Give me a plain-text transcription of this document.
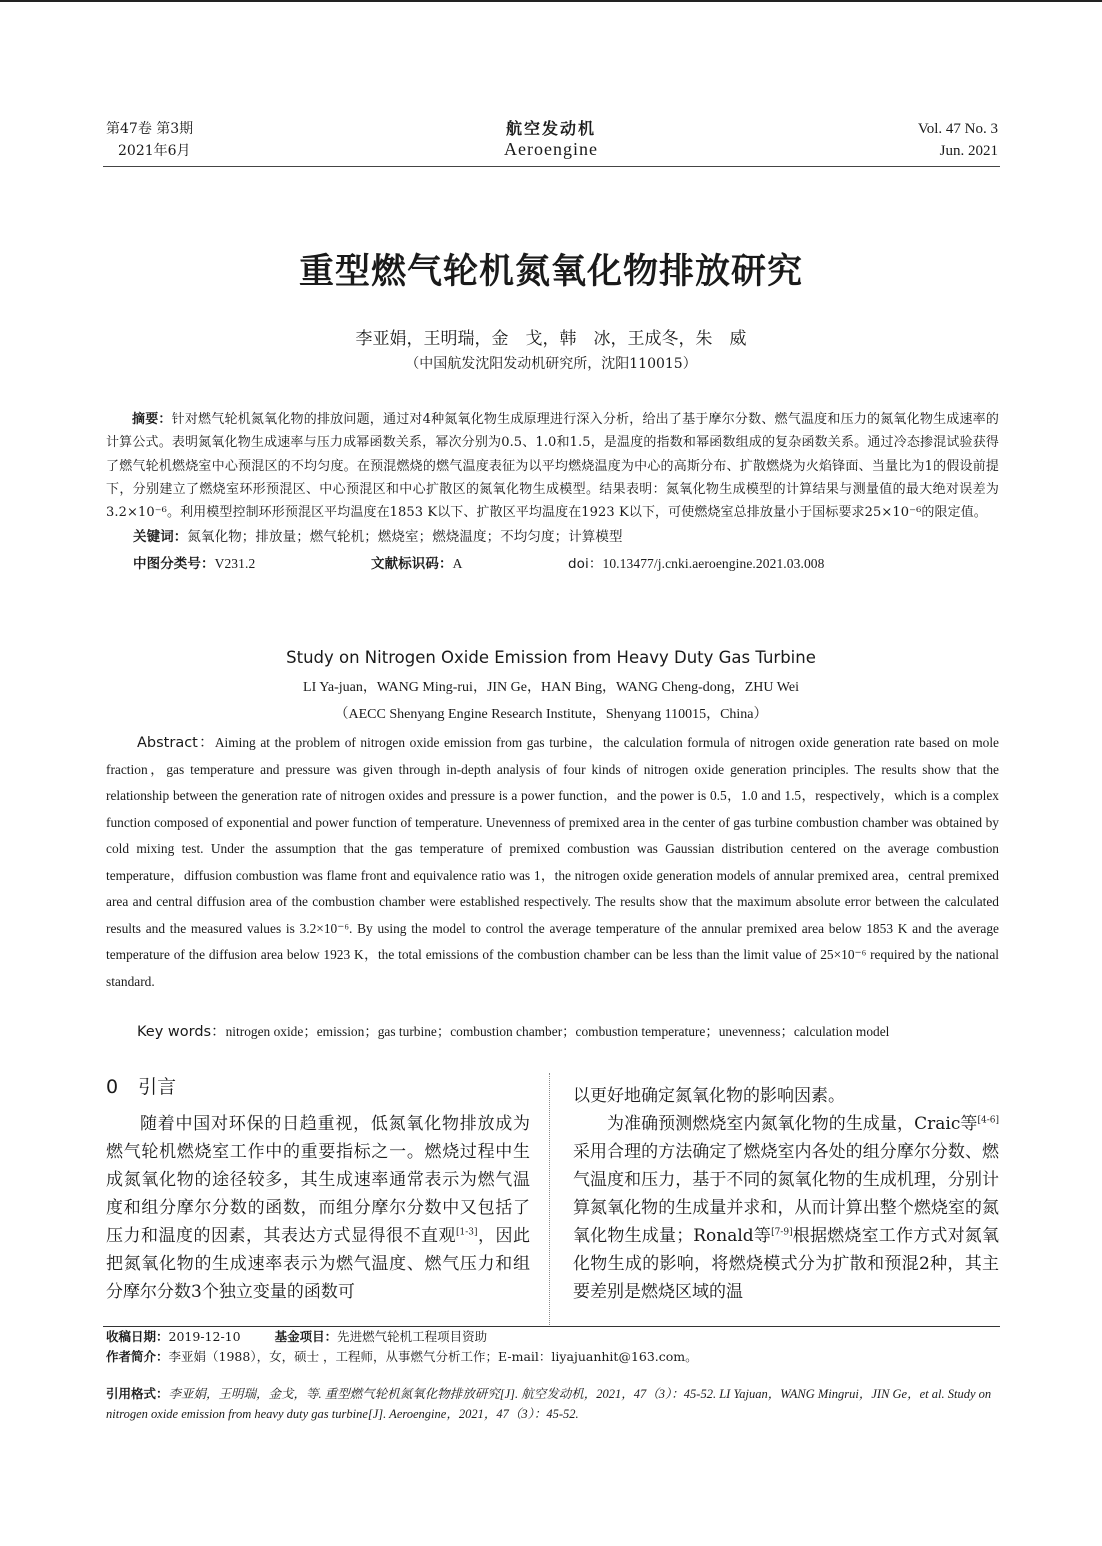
第47卷 第3期
2021年6月
航空发动机
Aeroengine
Vol. 47 No. 3
Jun. 2021
重型燃气轮机氮氧化物排放研究
李亚娟，王明瑞，金　戈，韩　冰，王成冬，朱　威
（中国航发沈阳发动机研究所，沈阳110015）
摘要：针对燃气轮机氮氧化物的排放问题，通过对4种氮氧化物生成原理进行深入分析，给出了基于摩尔分数、燃气温度和压力的氮氧化物生成速率的计算公式。表明氮氧化物生成速率与压力成幂函数关系，幂次分别为0.5、1.0和1.5，是温度的指数和幂函数组成的复杂函数关系。通过冷态掺混试验获得了燃气轮机燃烧室中心预混区的不均匀度。在预混燃烧的燃气温度表征为以平均燃烧温度为中心的高斯分布、扩散燃烧为火焰锋面、当量比为1的假设前提下，分别建立了燃烧室环形预混区、中心预混区和中心扩散区的氮氧化物生成模型。结果表明：氮氧化物生成模型的计算结果与测量值的最大绝对误差为3.2×10⁻⁶。利用模型控制环形预混区平均温度在1853 K以下、扩散区平均温度在1923 K以下，可使燃烧室总排放量小于国标要求25×10⁻⁶的限定值。
关键词：氮氧化物；排放量；燃气轮机；燃烧室；燃烧温度；不均匀度；计算模型
中图分类号：V231.2	文献标识码：A	doi：10.13477/j.cnki.aeroengine.2021.03.008
Study on Nitrogen Oxide Emission from Heavy Duty Gas Turbine
LI Ya-juan，WANG Ming-rui，JIN Ge，HAN Bing，WANG Cheng-dong，ZHU Wei
（AECC Shenyang Engine Research Institute，Shenyang 110015，China）
Abstract：Aiming at the problem of nitrogen oxide emission from gas turbine，the calculation formula of nitrogen oxide generation rate based on mole fraction，gas temperature and pressure was given through in-depth analysis of four kinds of nitrogen oxide generation principles. The results show that the relationship between the generation rate of nitrogen oxides and pressure is a power function，and the power is 0.5，1.0 and 1.5，respectively，which is a complex function composed of exponential and power function of temperature. Unevenness of premixed area in the center of gas turbine combustion chamber was obtained by cold mixing test. Under the assumption that the gas temperature of premixed combustion was Gaussian distribution centered on the average combustion temperature，diffusion combustion was flame front and equivalence ratio was 1，the nitrogen oxide generation models of annular premixed area，central premixed area and central diffusion area of the combustion chamber were established respectively. The results show that the maximum absolute error between the calculated results and the measured values is 3.2×10⁻⁶. By using the model to control the average temperature of the annular premixed area below 1853 K and the average temperature of the diffusion area below 1923 K，the total emissions of the combustion chamber can be less than the limit value of 25×10⁻⁶ required by the national standard.
Key words：nitrogen oxide；emission；gas turbine；combustion chamber；combustion temperature；unevenness；calculation model
0 引言

随着中国对环保的日趋重视，低氮氧化物排放成为燃气轮机燃烧室工作中的重要指标之一。燃烧过程中生成氮氧化物的途径较多，其生成速率通常表示为燃气温度和组分摩尔分数的函数，而组分摩尔分数中又包括了压力和温度的因素，其表达方式显得很不直观[1-3]，因此把氮氧化物的生成速率表示为燃气温度、燃气压力和组分摩尔分数3个独立变量的函数可

以更好地确定氮氧化物的影响因素。

为准确预测燃烧室内氮氧化物的生成量，Craic等[4-6]采用合理的方法确定了燃烧室内各处的组分摩尔分数、燃气温度和压力，基于不同的氮氧化物的生成机理，分别计算氮氧化物的生成量并求和，从而计算出整个燃烧室的氮氧化物生成量；Ronald等[7-9]根据燃烧室工作方式对氮氧化物生成的影响，将燃烧模式分为扩散和预混2种，其主要差别是燃烧区域的温

收稿日期：2019-12-10	基金项目：先进燃气轮机工程项目资助
作者简介：李亚娟（1988），女，硕士 ，工程师，从事燃气分析工作；E-mail：liyajuanhit@163.com。
引用格式：李亚娟，王明瑞，金戈，等. 重型燃气轮机氮氧化物排放研究[J]. 航空发动机，2021，47（3）：45-52. LI Yajuan，WANG Mingrui，JIN Ge，et al. Study on nitrogen oxide emission from heavy duty gas turbine[J]. Aeroengine，2021，47（3）：45-52.
